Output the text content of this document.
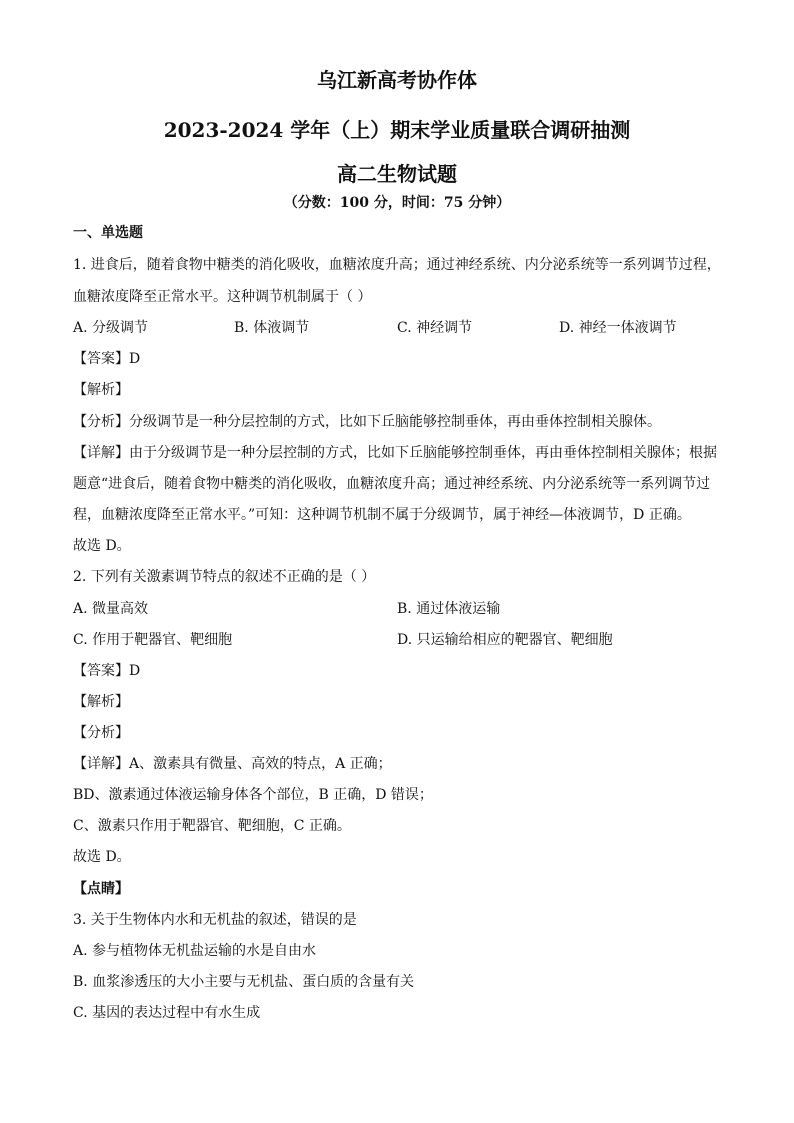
乌江新高考协作体
2023-2024 学年（上）期末学业质量联合调研抽测
高二生物试题
（分数：100 分，时间：75 分钟）
一、单选题
1. 进食后，随着食物中糖类的消化吸收，血糖浓度升高；通过神经系统、内分泌系统等一系列调节过程，
血糖浓度降至正常水平。这种调节机制属于（ ）
A. 分级调节	B. 体液调节	C. 神经调节	D. 神经一体液调节
【答案】D
【解析】
【分析】分级调节是一种分层控制的方式，比如下丘脑能够控制垂体，再由垂体控制相关腺体。
【详解】由于分级调节是一种分层控制的方式，比如下丘脑能够控制垂体，再由垂体控制相关腺体；根据
题意“进食后，随着食物中糖类的消化吸收，血糖浓度升高；通过神经系统、内分泌系统等一系列调节过
程，血糖浓度降至正常水平。”可知：这种调节机制不属于分级调节，属于神经—体液调节，D 正确。
故选 D。
2. 下列有关激素调节特点的叙述不正确的是（ ）
A. 微量高效	B. 通过体液运输
C. 作用于靶器官、靶细胞	D. 只运输给相应的靶器官、靶细胞
【答案】D
【解析】
【分析】
【详解】A、激素具有微量、高效的特点，A 正确；
BD、激素通过体液运输身体各个部位，B 正确，D 错误；
C、激素只作用于靶器官、靶细胞，C 正确。
故选 D。
【点睛】
3. 关于生物体内水和无机盐的叙述，错误的是
A. 参与植物体无机盐运输的水是自由水
B. 血浆渗透压的大小主要与无机盐、蛋白质的含量有关
C. 基因的表达过程中有水生成
